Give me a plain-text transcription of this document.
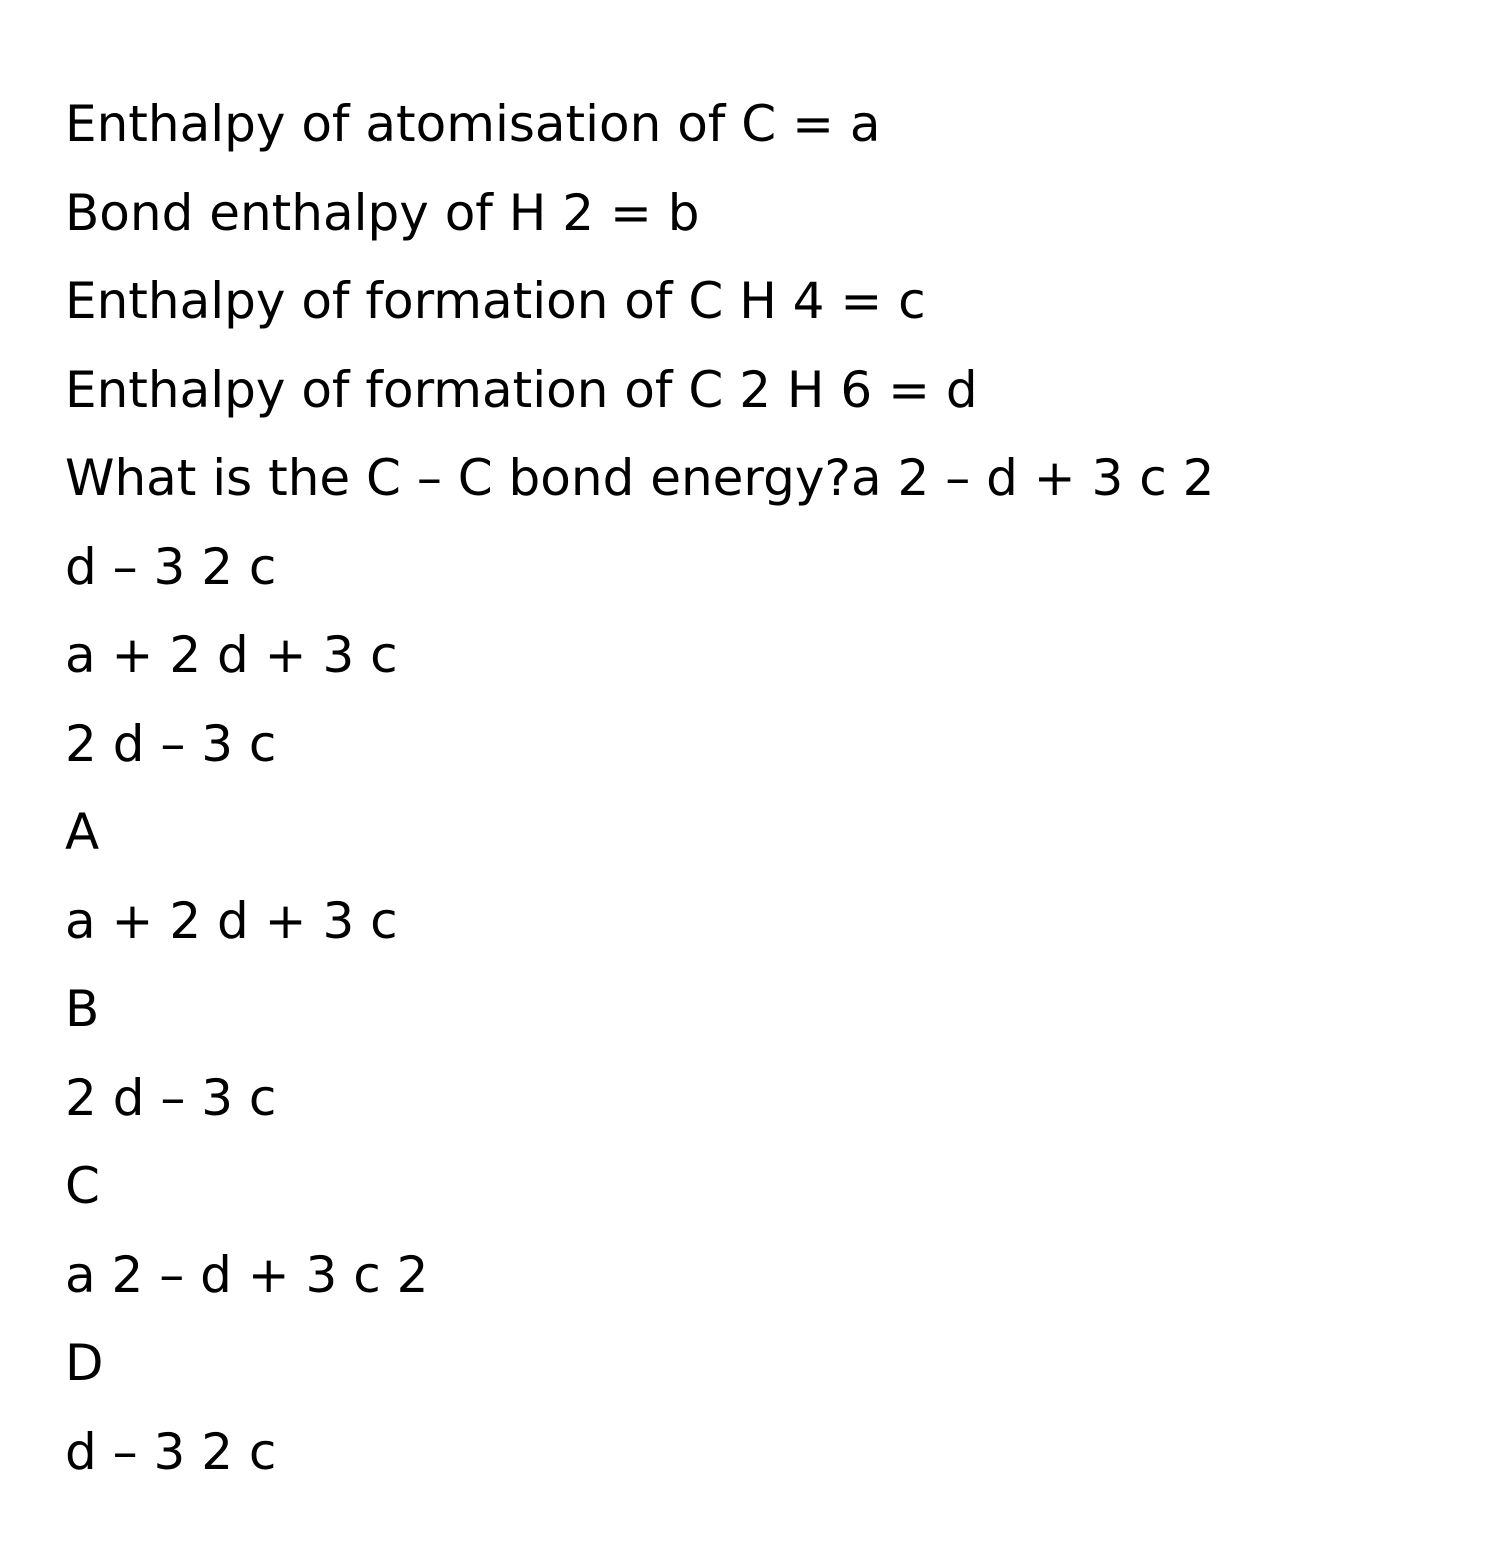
Enthalpy of atomisation of C = a
Bond enthalpy of H 2 = b
Enthalpy of formation of C H 4 = c
Enthalpy of formation of C 2 H 6 = d
What is the C – C bond energy?a 2 – d + 3 c 2
d – 3 2 c
a + 2 d + 3 c
2 d – 3 c
A
a + 2 d + 3 c
B
2 d – 3 c
C
a 2 – d + 3 c 2
D
d – 3 2 c
